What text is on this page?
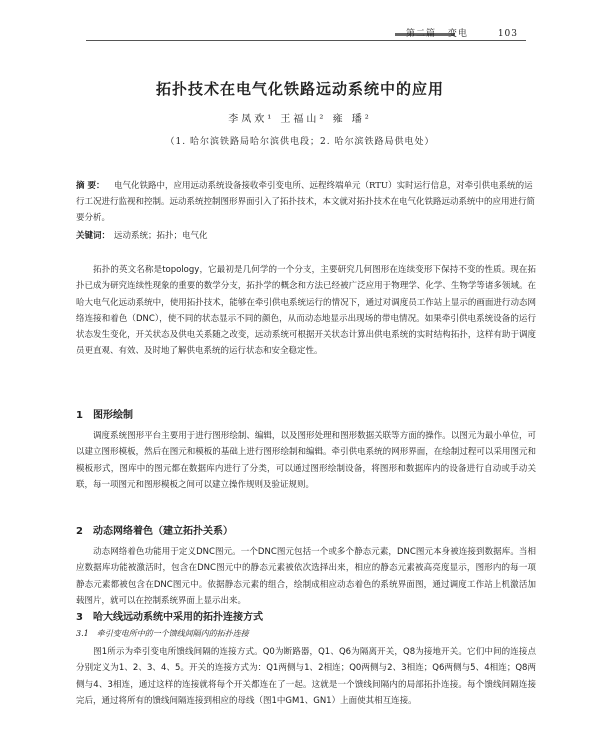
第二篇 变电	103
拓扑技术在电气化铁路远动系统中的应用
李凤欢¹ 王福山² 雍 璠²
（1. 哈尔滨铁路局哈尔滨供电段；2. 哈尔滨铁路局供电处）
摘 要： 电气化铁路中，应用远动系统设备接收牵引变电所、远程终端单元（RTU）实时运行信息，对牵引供电系统的运行工况进行监视和控制。远动系统控制图形界面引入了拓扑技术，本文就对拓扑技术在电气化铁路远动系统中的应用进行简要分析。
关键词： 远动系统；拓扑；电气化
拓扑的英文名称是topology，它最初是几何学的一个分支，主要研究几何图形在连续变形下保持不变的性质。现在拓扑已成为研究连续性现象的重要的数学分支，拓扑学的概念和方法已经被广泛应用于物理学、化学、生物学等诸多领域。在哈大电气化远动系统中，使用拓扑技术，能够在牵引供电系统运行的情况下，通过对调度员工作站上显示的画面进行动态网络连接和着色（DNC），使不同的状态显示不同的颜色，从而动态地显示出现场的带电情况。如果牵引供电系统设备的运行状态发生变化，开关状态及供电关系随之改变，远动系统可根据开关状态计算出供电系统的实时结构拓扑，这样有助于调度员更直观、有效、及时地了解供电系统的运行状态和安全稳定性。
1　图形绘制
调度系统图形平台主要用于进行图形绘制、编辑，以及图形处理和图形数据关联等方面的操作。以图元为最小单位，可以建立图形模板，然后在图元和模板的基础上进行图形绘制和编辑。牵引供电系统的网形界面，在绘制过程可以采用图元和模板形式，图库中的图元都在数据库内进行了分类，可以通过图形绘制设备，将图形和数据库内的设备进行自动或手动关联，每一项图元和图形模板之间可以建立操作规则及验证规则。
2　动态网络着色（建立拓扑关系）
动态网络着色功能用于定义DNC图元。一个DNC图元包括一个或多个静态元素，DNC图元本身被连接到数据库。当相应数据库功能被激活时，包含在DNC图元中的静态元素被依次选择出来，相应的静态元素被高亮度显示，图形内的每一项静态元素都被包含在DNC图元中。依据静态元素的组合，绘制成相应动态着色的系统界面图，通过调度工作站上机激活加载图片，就可以在控制系统界面上显示出来。
3　哈大线远动系统中采用的拓扑连接方式
3.1　牵引变电所中的一个馈线间隔内的拓扑连接
图1所示为牵引变电所馈线间隔的连接方式。Q0为断路器，Q1、Q6为隔离开关，Q8为接地开关。它们中间的连接点分别定义为1、2、3、4、5。开关的连接方式为：Q1两侧与1、2相连；Q0两侧与2、3相连；Q6两侧与5、4相连；Q8两侧与4、3相连，通过这样的连接就将每个开关都连在了一起。这就是一个馈线间隔内的局部拓扑连接。每个馈线间隔连接完后，通过将所有的馈线间隔连接到相应的母线（图1中GM1、GN1）上面使其相互连接。
